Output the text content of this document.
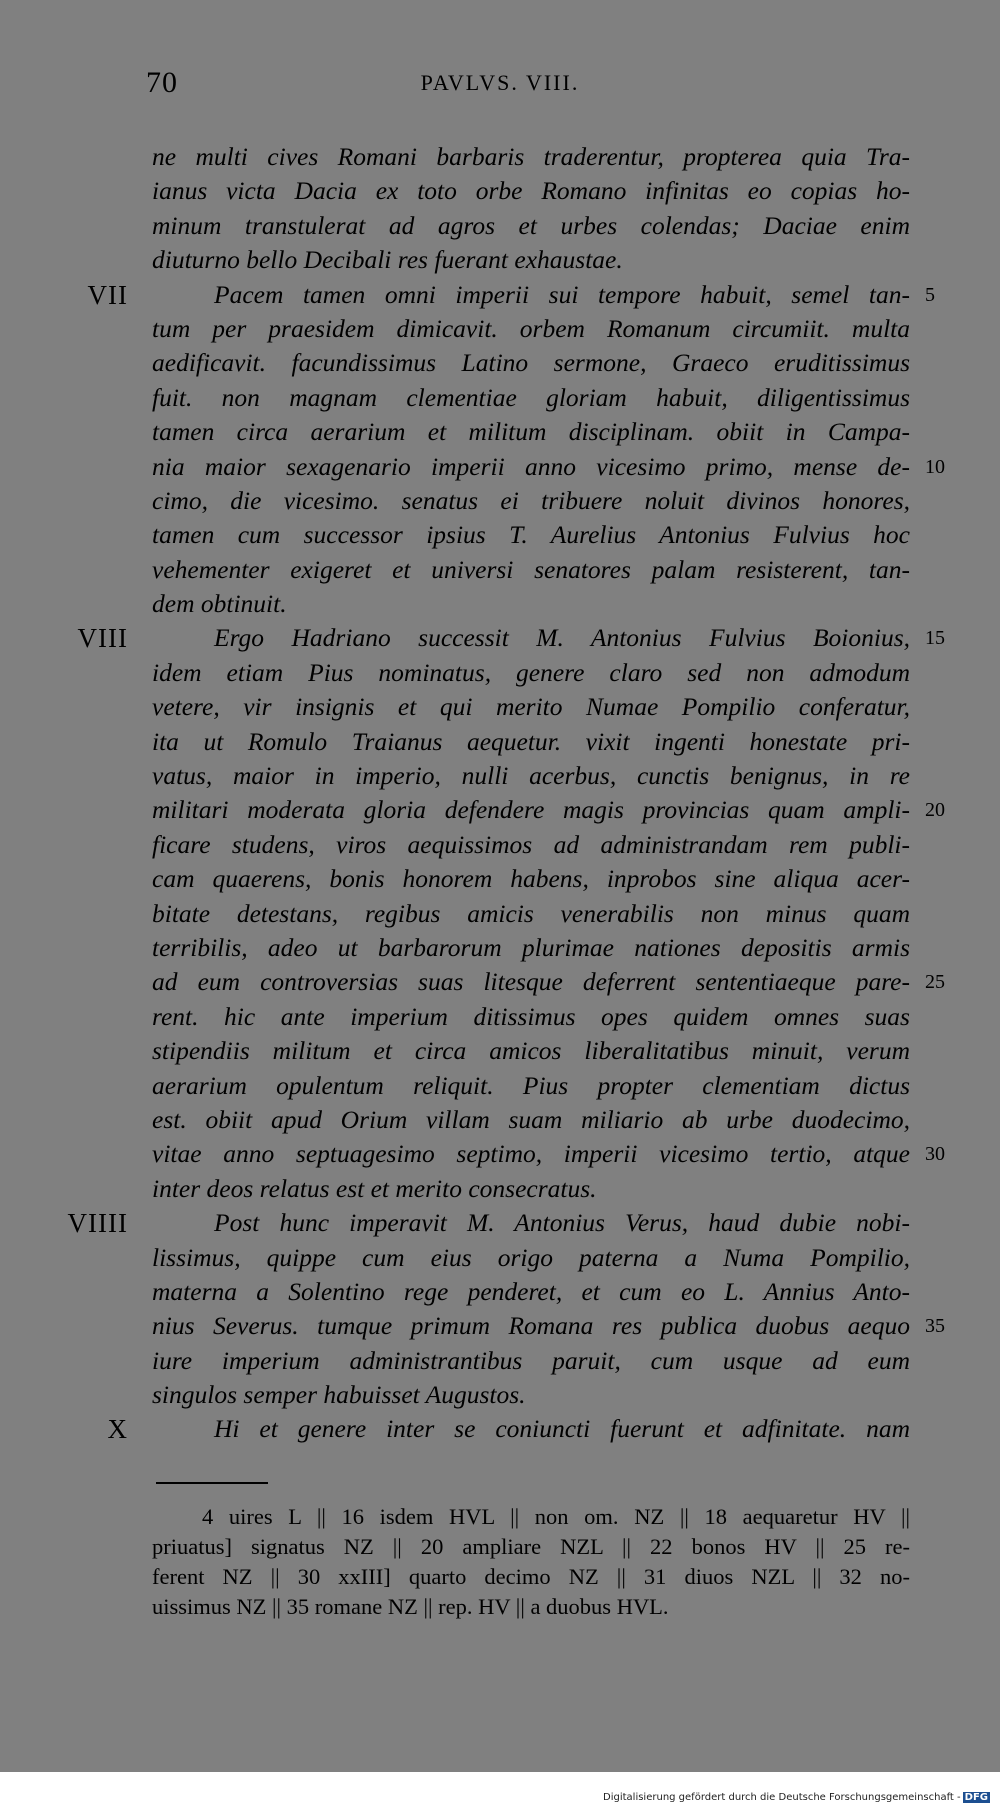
70	PAVLVS. VIII.
ne multi cives Romani barbaris traderentur, propterea quia Tra-
ianus victa Dacia ex toto orbe Romano infinitas eo copias ho-
minum transtulerat ad agros et urbes colendas; Daciae enim
diuturno bello Decibali res fuerant exhaustae.
VII	Pacem tamen omni imperii sui tempore habuit, semel tan- 5
tum per praesidem dimicavit. orbem Romanum circumiit. multa
aedificavit. facundissimus Latino sermone, Graeco eruditissimus
fuit. non magnam clementiae gloriam habuit, diligentissimus
tamen circa aerarium et militum disciplinam. obiit in Campa-
nia maior sexagenario imperii anno vicesimo primo, mense de- 10
cimo, die vicesimo. senatus ei tribuere noluit divinos honores,
tamen cum successor ipsius T. Aurelius Antonius Fulvius hoc
vehementer exigeret et universi senatores palam resisterent, tan-
dem obtinuit.
VIII	Ergo Hadriano successit M. Antonius Fulvius Boionius, 15
idem etiam Pius nominatus, genere claro sed non admodum
vetere, vir insignis et qui merito Numae Pompilio conferatur,
ita ut Romulo Traianus aequetur. vixit ingenti honestate pri-
vatus, maior in imperio, nulli acerbus, cunctis benignus, in re
militari moderata gloria defendere magis provincias quam ampli- 20
ficare studens, viros aequissimos ad administrandam rem publi-
cam quaerens, bonis honorem habens, inprobos sine aliqua acer-
bitate detestans, regibus amicis venerabilis non minus quam
terribilis, adeo ut barbarorum plurimae nationes depositis armis
ad eum controversias suas litesque deferrent sententiaeque pare- 25
rent. hic ante imperium ditissimus opes quidem omnes suas
stipendiis militum et circa amicos liberalitatibus minuit, verum
aerarium opulentum reliquit. Pius propter clementiam dictus
est. obiit apud Orium villam suam miliario ab urbe duodecimo,
vitae anno septuagesimo septimo, imperii vicesimo tertio, atque 30
inter deos relatus est et merito consecratus.
VIIII	Post hunc imperavit M. Antonius Verus, haud dubie nobi-
lissimus, quippe cum eius origo paterna a Numa Pompilio,
materna a Solentino rege penderet, et cum eo L. Annius Anto-
nius Severus. tumque primum Romana res publica duobus aequo 35
iure imperium administrantibus paruit, cum usque ad eum
singulos semper habuisset Augustos.
X	Hi et genere inter se coniuncti fuerunt et adfinitate. nam
4 uires L || 16 isdem HVL || non om. NZ || 18 aequaretur HV ||
priuatus] signatus NZ || 20 ampliare NZL || 22 bonos HV || 25 re-
ferent NZ || 30 xxIII] quarto decimo NZ || 31 diuos NZL || 32 no-
uissimus NZ || 35 romane NZ || rep. HV || a duobus HVL.
Digitalisierung gefördert durch die Deutsche Forschungsgemeinschaft - DFG
